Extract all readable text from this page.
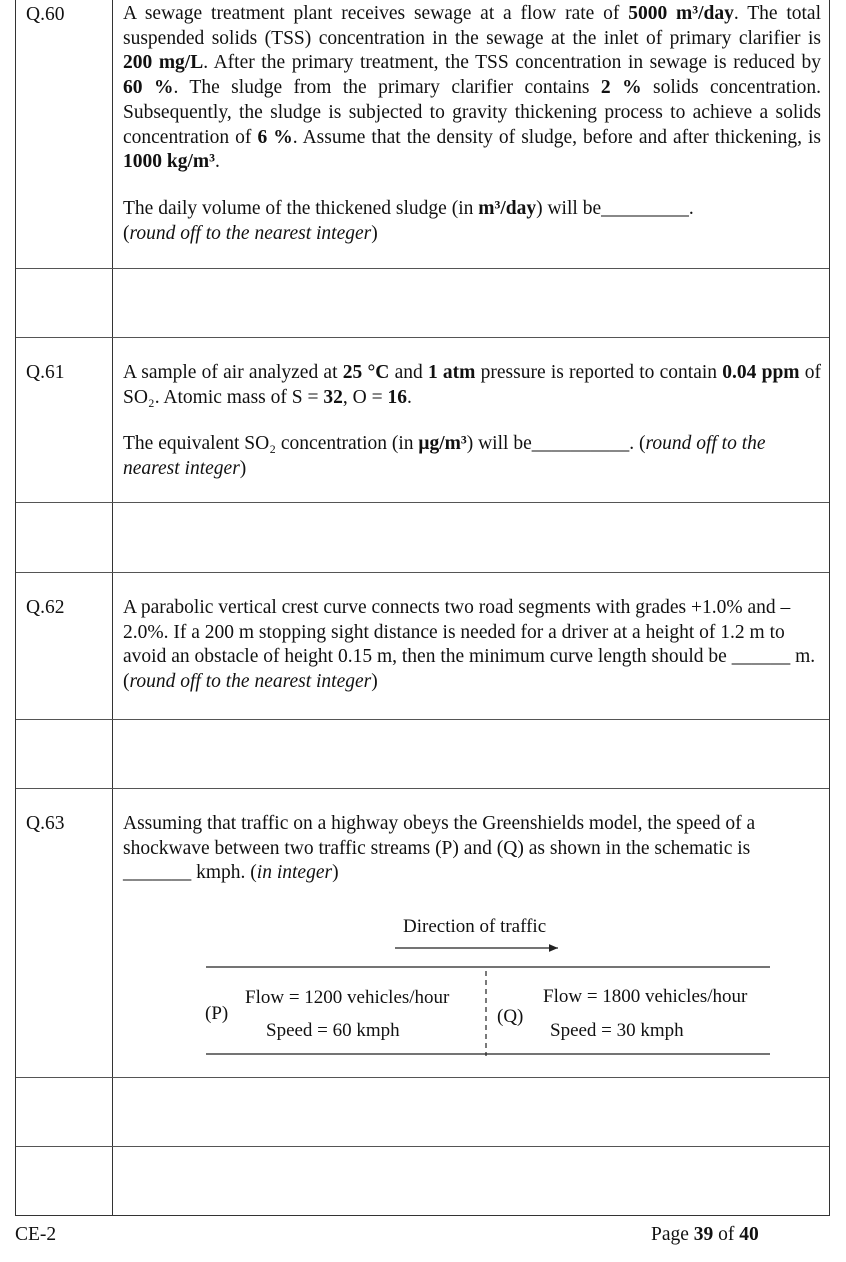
Q.60	A sewage treatment plant receives sewage at a flow rate of 5000 m³/day. The total suspended solids (TSS) concentration in the sewage at the inlet of primary clarifier is 200 mg/L. After the primary treatment, the TSS concentration in sewage is reduced by 60 %. The sludge from the primary clarifier contains 2 % solids concentration. Subsequently, the sludge is subjected to gravity thickening process to achieve a solids concentration of 6 %. Assume that the density of sludge, before and after thickening, is 1000 kg/m³.

The daily volume of the thickened sludge (in m³/day) will be_________.
(round off to the nearest integer)

Q.61	A sample of air analyzed at 25 °C and 1 atm pressure is reported to contain 0.04 ppm of SO₂. Atomic mass of S = 32, O = 16.

The equivalent SO₂ concentration (in μg/m³) will be__________. (round off to the nearest integer)

Q.62	A parabolic vertical crest curve connects two road segments with grades +1.0% and –2.0%. If a 200 m stopping sight distance is needed for a driver at a height of 1.2 m to avoid an obstacle of height 0.15 m, then the minimum curve length should be ______ m. (round off to the nearest integer)

Q.63	Assuming that traffic on a highway obeys the Greenshields model, the speed of a shockwave between two traffic streams (P) and (Q) as shown in the schematic is _______ kmph. (in integer)

Direction of traffic
(P)
Flow = 1200 vehicles/hour
Speed = 60 kmph
(Q)
Flow = 1800 vehicles/hour
Speed = 30 kmph
CE-2	Page 39 of 40
